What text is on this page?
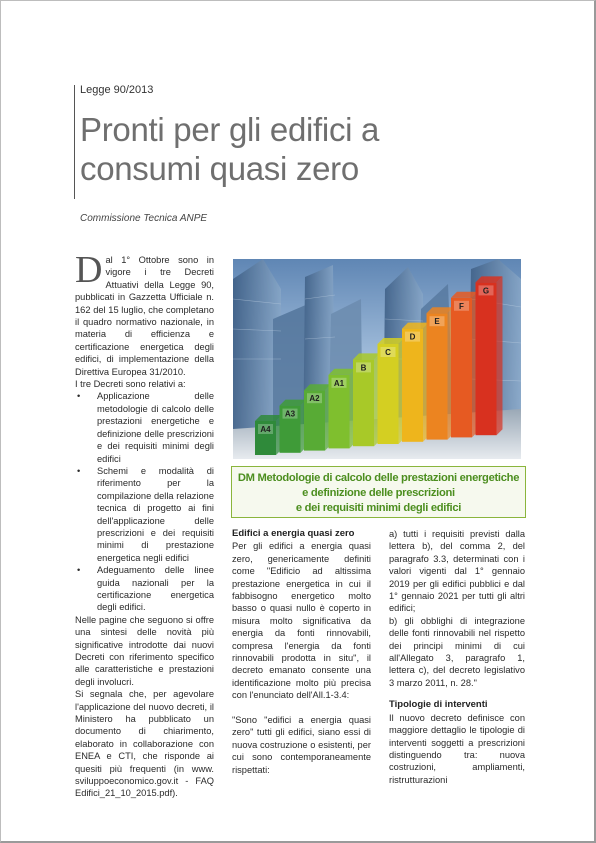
Legge 90/2013
Pronti per gli edifici a
consumi quasi zero
Commissione Tecnica ANPE

Dal 1° Ottobre sono in vigore i tre Decreti Attuativi della Legge 90, pubblicati in Gazzetta Ufficiale n. 162 del 15 luglio, che completano il quadro normativo nazionale, in materia di efficienza e certificazione energetica degli edifici, di implementazione della Direttiva Europea 31/2010.

I tre Decreti sono relativi a:

• Applicazione delle metodologie di calcolo delle prestazioni energetiche e definizione delle prescrizioni e dei requisiti minimi degli edifici
• Schemi e modalità di riferimento per la compilazione della relazione tecnica di progetto ai fini dell'applicazione delle prescrizioni e dei requisiti minimi di prestazione energetica negli edifici
• Adeguamento delle linee guida nazionali per la certificazione energetica degli edifici.

Nelle pagine che seguono si offre una sintesi delle novità più significative introdotte dai nuovi Decreti con riferimento specifico alle caratteristiche e prestazioni degli involucri.

Si segnala che, per agevolare l'applicazione del nuovo decreti, il Ministero ha pubblicato un documento di chiarimento, elaborato in collaborazione con ENEA e CTI, che risponde ai quesiti più frequenti (in www. sviluppoeconomico.gov.it - FAQ Edifici_21_10_2015.pdf).

A4
A3
A2
A1
B
C
D
E
F
G
DM Metodologie di calcolo delle prestazioni energetiche
e definizione delle prescrizioni
e dei requisiti minimi degli edifici
Edifici a energia quasi zero

Per gli edifici a energia quasi zero, genericamente definiti come "Edificio ad altissima prestazione energetica in cui il fabbisogno energetico molto basso o quasi nullo è coperto in misura molto significativa da energia da fonti rinnovabili, compresa l'energia da fonti rinnovabili prodotta in situ", il decreto emanato consente una identificazione molto più precisa con l'enunciato dell'All.1-3.4:

"Sono "edifici a energia quasi zero" tutti gli edifici, siano essi di nuova costruzione o esistenti, per cui sono contemporaneamente rispettati:

a) tutti i requisiti previsti dalla lettera b), del comma 2, del paragrafo 3.3, determinati con i valori vigenti dal 1° gennaio 2019 per gli edifici pubblici e dal 1° gennaio 2021 per tutti gli altri edifici;

b) gli obblighi di integrazione delle fonti rinnovabili nel rispetto dei principi minimi di cui all'Allegato 3, paragrafo 1, lettera c), del decreto legislativo 3 marzo 2011, n. 28."

Tipologie di interventi

Il nuovo decreto definisce con maggiore dettaglio le tipologie di interventi soggetti a prescrizioni distinguendo tra: nuova costruzioni, ampliamenti, ristrutturazioni
